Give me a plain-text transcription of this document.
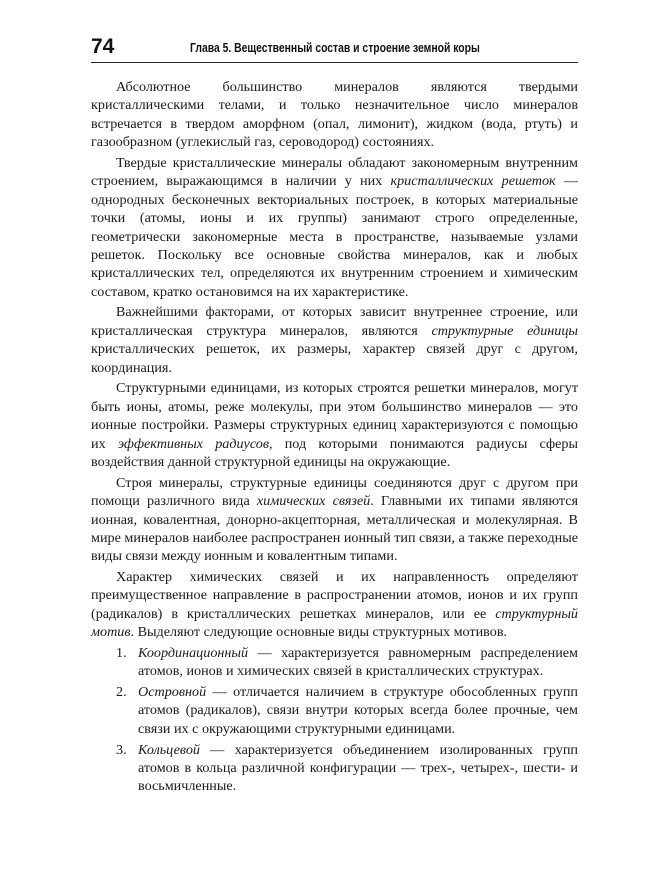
74	Глава 5. Вещественный состав и строение земной коры

Абсолютное большинство минералов являются твердыми кристаллическими телами, и только незначительное число минералов встречается в твердом аморфном (опал, лимонит), жидком (вода, ртуть) и газообразном (углекислый газ, сероводород) состояниях.

Твердые кристаллические минералы обладают закономерным внутренним строением, выражающимся в наличии у них кристаллических решеток — однородных бесконечных векториальных построек, в которых материальные точки (атомы, ионы и их группы) занимают строго определенные, геометрически закономерные места в пространстве, называемые узлами решеток. Поскольку все основные свойства минералов, как и любых кристаллических тел, определяются их внутренним строением и химическим составом, кратко остановимся на их характеристике.

Важнейшими факторами, от которых зависит внутреннее строение, или кристаллическая структура минералов, являются структурные единицы кристаллических решеток, их размеры, характер связей друг с другом, координация.

Структурными единицами, из которых строятся решетки минералов, могут быть ионы, атомы, реже молекулы, при этом большинство минералов — это ионные постройки. Размеры структурных единиц характеризуются с помощью их эффективных радиусов, под которыми понимаются радиусы сферы воздействия данной структурной единицы на окружающие.

Строя минералы, структурные единицы соединяются друг с другом при помощи различного вида химических связей. Главными их типами являются ионная, ковалентная, донорно-акцепторная, металлическая и молекулярная. В мире минералов наиболее распространен ионный тип связи, а также переходные виды связи между ионным и ковалентным типами.

Характер химических связей и их направленность определяют преимущественное направление в распространении атомов, ионов и их групп (радикалов) в кристаллических решетках минералов, или ее структурный мотив. Выделяют следующие основные виды структурных мотивов.

1. Координационный — характеризуется равномерным распределением атомов, ионов и химических связей в кристаллических структурах.
2. Островной — отличается наличием в структуре обособленных групп атомов (радикалов), связи внутри которых всегда более прочные, чем связи их с окружающими структурными единицами.
3. Кольцевой — характеризуется объединением изолированных групп атомов в кольца различной конфигурации — трех-, четырех-, шести- и восьмичленные.
